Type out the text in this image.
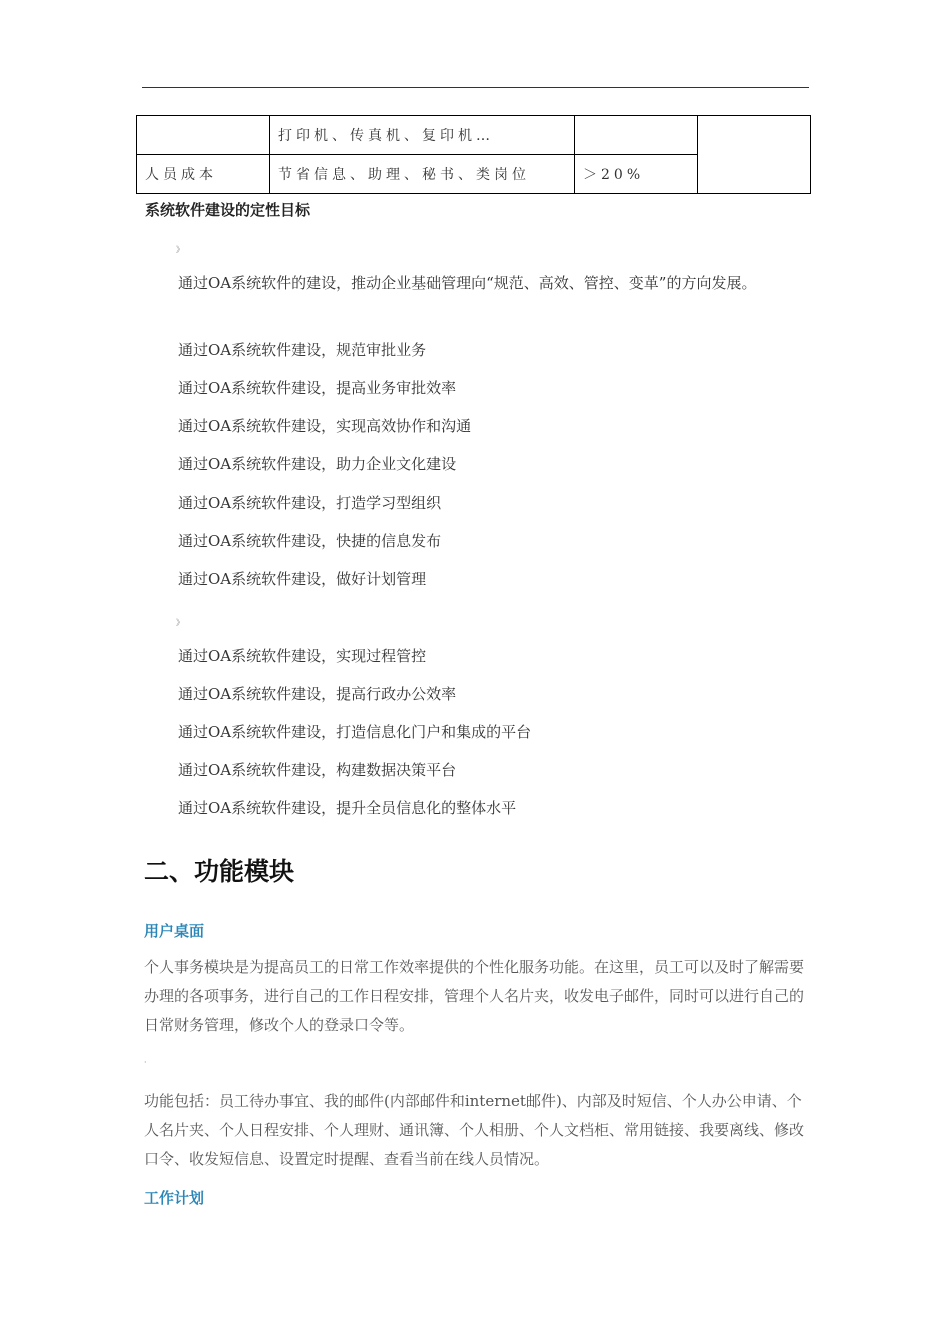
	打印机、传真机、复印机…		
人员成本	节省信息、助理、秘书、类岗位	＞20%	
系统软件建设的定性目标
》
通过OA系统软件的建设，推动企业基础管理向“规范、高效、管控、变革”的方向发展。
通过OA系统软件建设，规范审批业务
通过OA系统软件建设，提高业务审批效率
通过OA系统软件建设，实现高效协作和沟通
通过OA系统软件建设，助力企业文化建设
通过OA系统软件建设，打造学习型组织
通过OA系统软件建设，快捷的信息发布
通过OA系统软件建设，做好计划管理
》
通过OA系统软件建设，实现过程管控
通过OA系统软件建设，提高行政办公效率
通过OA系统软件建设，打造信息化门户和集成的平台
通过OA系统软件建设，构建数据决策平台
通过OA系统软件建设，提升全员信息化的整体水平
二、功能模块
用户桌面
个人事务模块是为提高员工的日常工作效率提供的个性化服务功能。在这里，员工可以及时了解需要办理的各项事务，进行自己的工作日程安排，管理个人名片夹，收发电子邮件，同时可以进行自己的日常财务管理，修改个人的登录口令等。
·
功能包括：员工待办事宜、我的邮件(内部邮件和internet邮件)、内部及时短信、个人办公申请、个人名片夹、个人日程安排、个人理财、通讯簿、个人相册、个人文档柜、常用链接、我要离线、修改口令、收发短信息、设置定时提醒、查看当前在线人员情况。
工作计划
